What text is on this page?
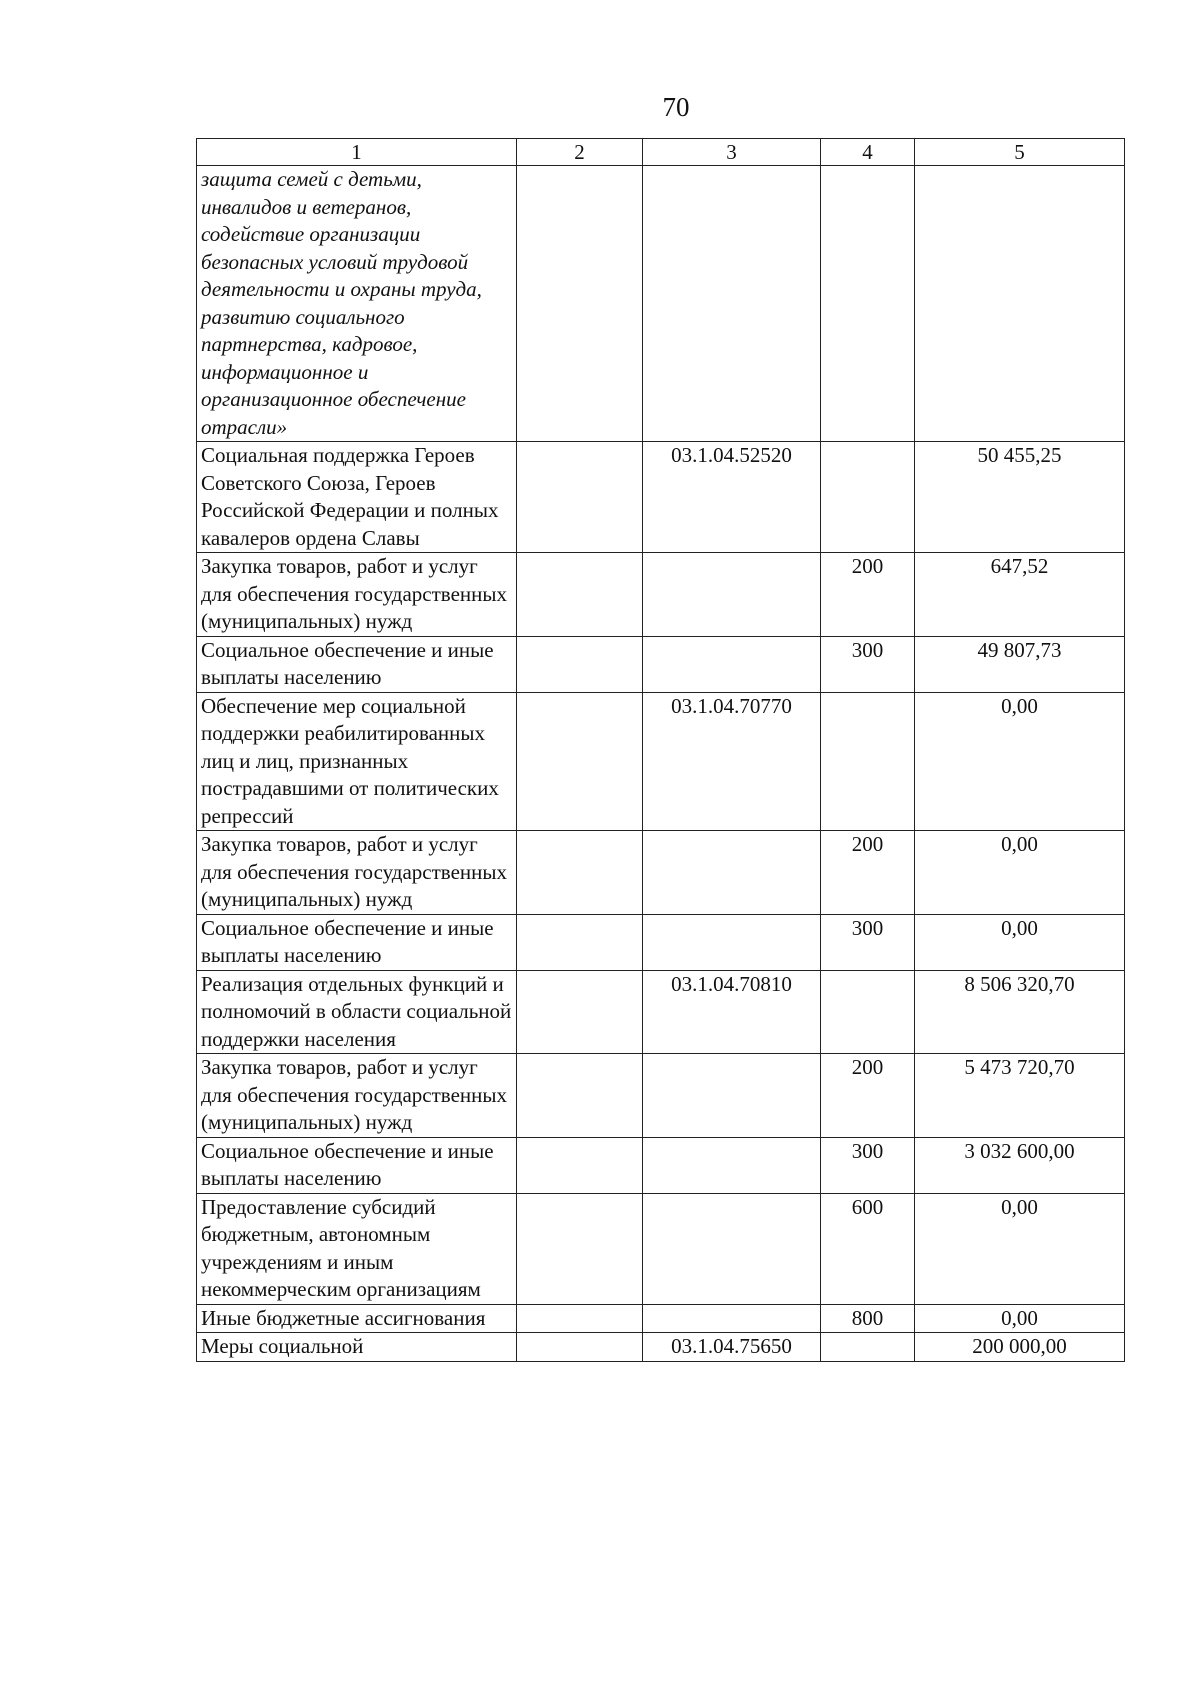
70
1	2	3	4	5
защита семей с детьми, инвалидов и ветеранов, содействие организации безопасных условий трудовой деятельности и охраны труда, развитию социального партнерства, кадровое, информационное и организационное обеспечение отрасли»				
Социальная поддержка Героев Советского Союза, Героев Российской Федерации и полных кавалеров ордена Славы		03.1.04.52520		50 455,25
Закупка товаров, работ и услуг для обеспечения государственных (муниципальных) нужд			200	647,52
Социальное обеспечение и иные выплаты населению			300	49 807,73
Обеспечение мер социальной поддержки реабилитированных лиц и лиц, признанных пострадавшими от политических репрессий		03.1.04.70770		0,00
Закупка товаров, работ и услуг для обеспечения государственных (муниципальных) нужд			200	0,00
Социальное обеспечение и иные выплаты населению			300	0,00
Реализация отдельных функций и полномочий в области социальной поддержки населения		03.1.04.70810		8 506 320,70
Закупка товаров, работ и услуг для обеспечения государственных (муниципальных) нужд			200	5 473 720,70
Социальное обеспечение и иные выплаты населению			300	3 032 600,00
Предоставление субсидий бюджетным, автономным учреждениям и иным некоммерческим организациям			600	0,00
Иные бюджетные ассигнования			800	0,00
Меры социальной		03.1.04.75650		200 000,00
